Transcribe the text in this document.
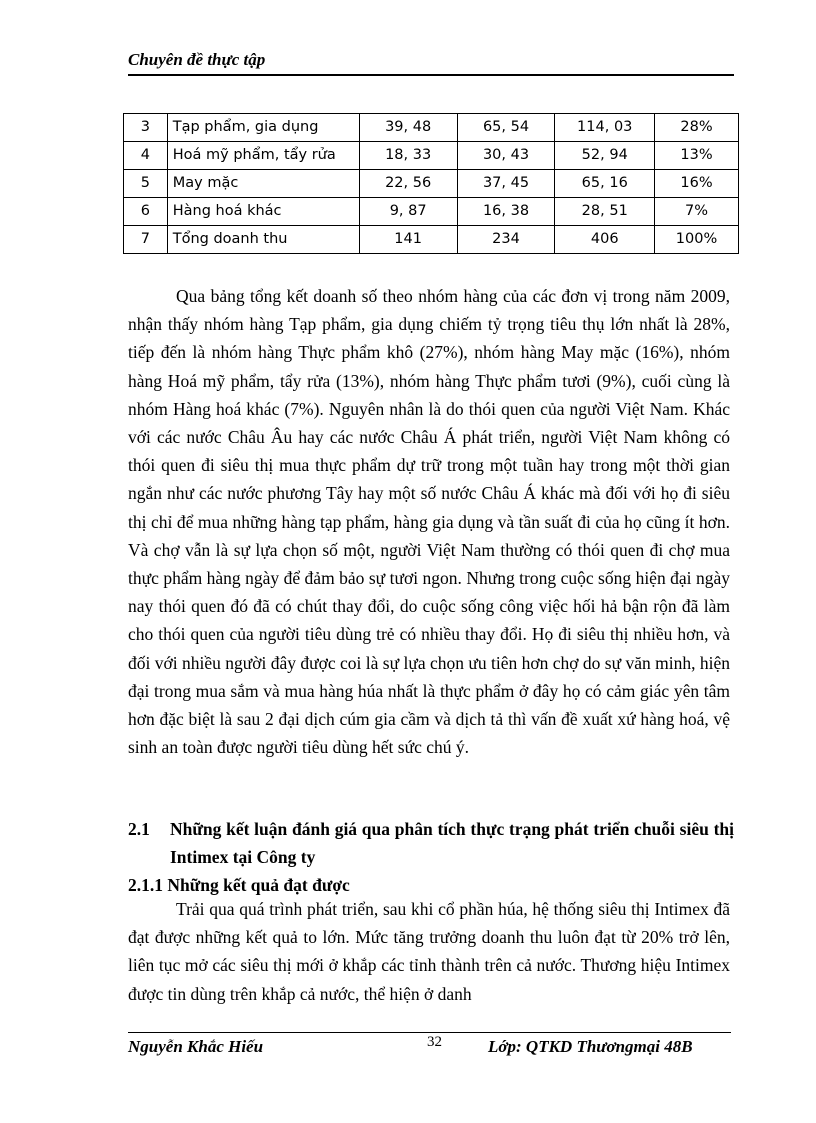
Chuyên đề thực tập
3	Tạp phẩm, gia dụng	39, 48	65, 54	114, 03	28%
4	Hoá mỹ phẩm, tẩy rửa	18, 33	30, 43	52, 94	13%
5	May mặc	22, 56	37, 45	65, 16	16%
6	Hàng hoá khác	9, 87	16, 38	28, 51	7%
7	Tổng doanh thu	141	234	406	100%

Qua bảng tổng kết doanh số theo nhóm hàng của các đơn vị trong năm 2009, nhận thấy nhóm hàng Tạp phẩm, gia dụng chiếm tỷ trọng tiêu thụ lớn nhất là 28%, tiếp đến là nhóm hàng Thực phẩm khô (27%), nhóm hàng May mặc (16%), nhóm hàng Hoá mỹ phẩm, tẩy rửa (13%), nhóm hàng Thực phẩm tươi (9%), cuối cùng là nhóm Hàng hoá khác (7%). Nguyên nhân là do thói quen của người Việt Nam. Khác với các nước Châu Âu hay các nước Châu Á phát triển, người Việt Nam không có thói quen đi siêu thị mua thực phẩm dự trữ trong một tuần hay trong một thời gian ngắn như các nước phương Tây hay một số nước Châu Á khác mà đối với họ đi siêu thị chỉ để mua những hàng tạp phẩm, hàng gia dụng và tần suất đi của họ cũng ít hơn. Và chợ vẫn là sự lựa chọn số một, người Việt Nam thường có thói quen đi chợ mua thực phẩm hàng ngày để đảm bảo sự tươi ngon. Nhưng trong cuộc sống hiện đại ngày nay thói quen đó đã có chút thay đổi, do cuộc sống công việc hối hả bận rộn đã làm cho thói quen của người tiêu dùng trẻ có nhiều thay đổi. Họ đi siêu thị nhiều hơn, và đối với nhiều người đây được coi là sự lựa chọn ưu tiên hơn chợ do sự văn minh, hiện đại trong mua sắm và mua hàng húa nhất là thực phẩm ở đây họ có cảm giác yên tâm hơn đặc biệt là sau 2 đại dịch cúm gia cầm và dịch tả thì vấn đề xuất xứ hàng hoá, vệ sinh an toàn được người tiêu dùng hết sức chú ý.

2.1 Những kết luận đánh giá qua phân tích thực trạng phát triển chuỗi siêu thị Intimex tại Công ty
2.1.1 Những kết quả đạt được

Trải qua quá trình phát triển, sau khi cổ phần húa, hệ thống siêu thị Intimex đã đạt được những kết quả to lớn. Mức tăng trưởng doanh thu luôn đạt từ 20% trở lên, liên tục mở các siêu thị mới ở khắp các tỉnh thành trên cả nước. Thương hiệu Intimex được tin dùng trên khắp cả nước, thể hiện ở danh

Nguyễn Khắc Hiếu	32	Lớp: QTKD Thươngmại 48B
